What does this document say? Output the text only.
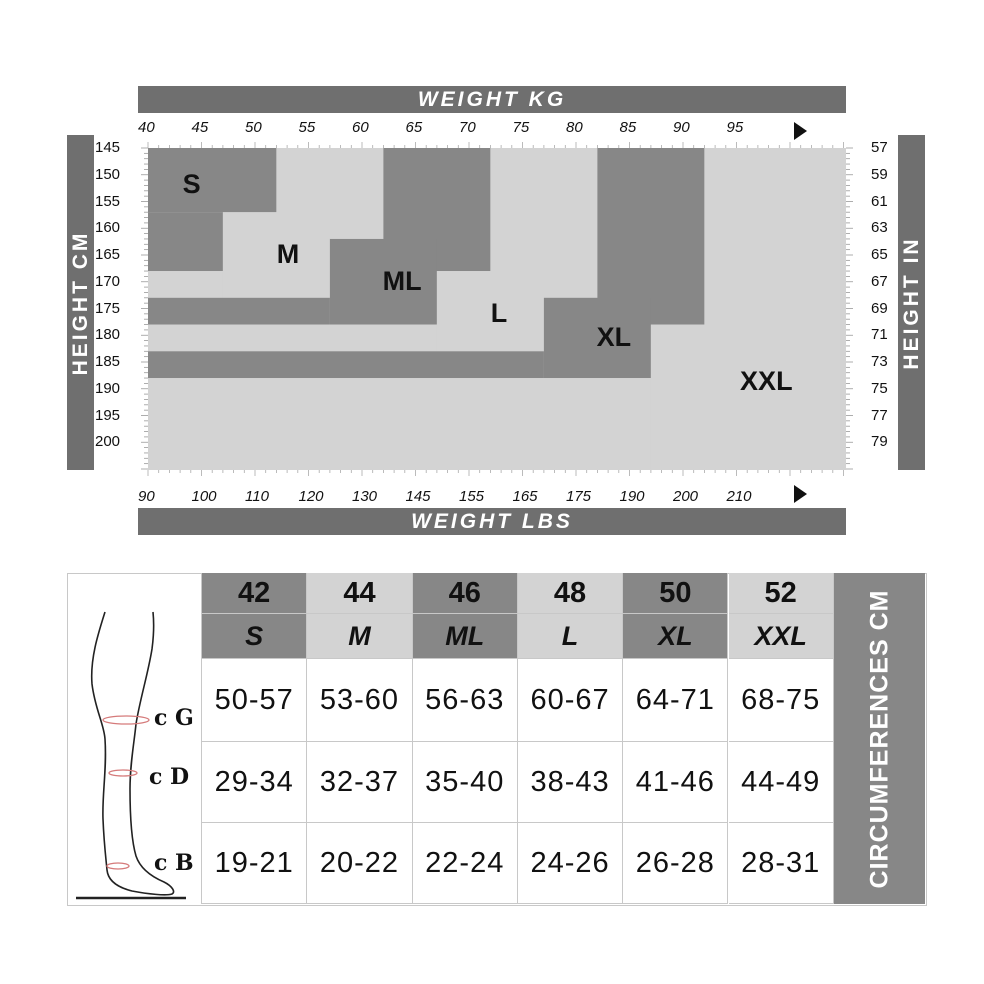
WEIGHT KG
40 45 50 55 60 65 70 75 80 85 90 95
HEIGHT CM	HEIGHT IN
145
150
155
160
165
170
175
180
185
190
195
200
57
59
61
63
65
67
69
71
73
75
77
79
S
M
ML
L
XL
XXL
90 100 110 120 130 145 155 165 175 190 200 210
WEIGHT LBS
c G
c D
c B
42
S
50-57
29-34
19-21
44
M
53-60
32-37
20-22
46
ML
56-63
35-40
22-24
48
L
60-67
38-43
24-26
50
XL
64-71
41-46
26-28
52
XXL
68-75
44-49
28-31 CIRCUMFERENCES CM
